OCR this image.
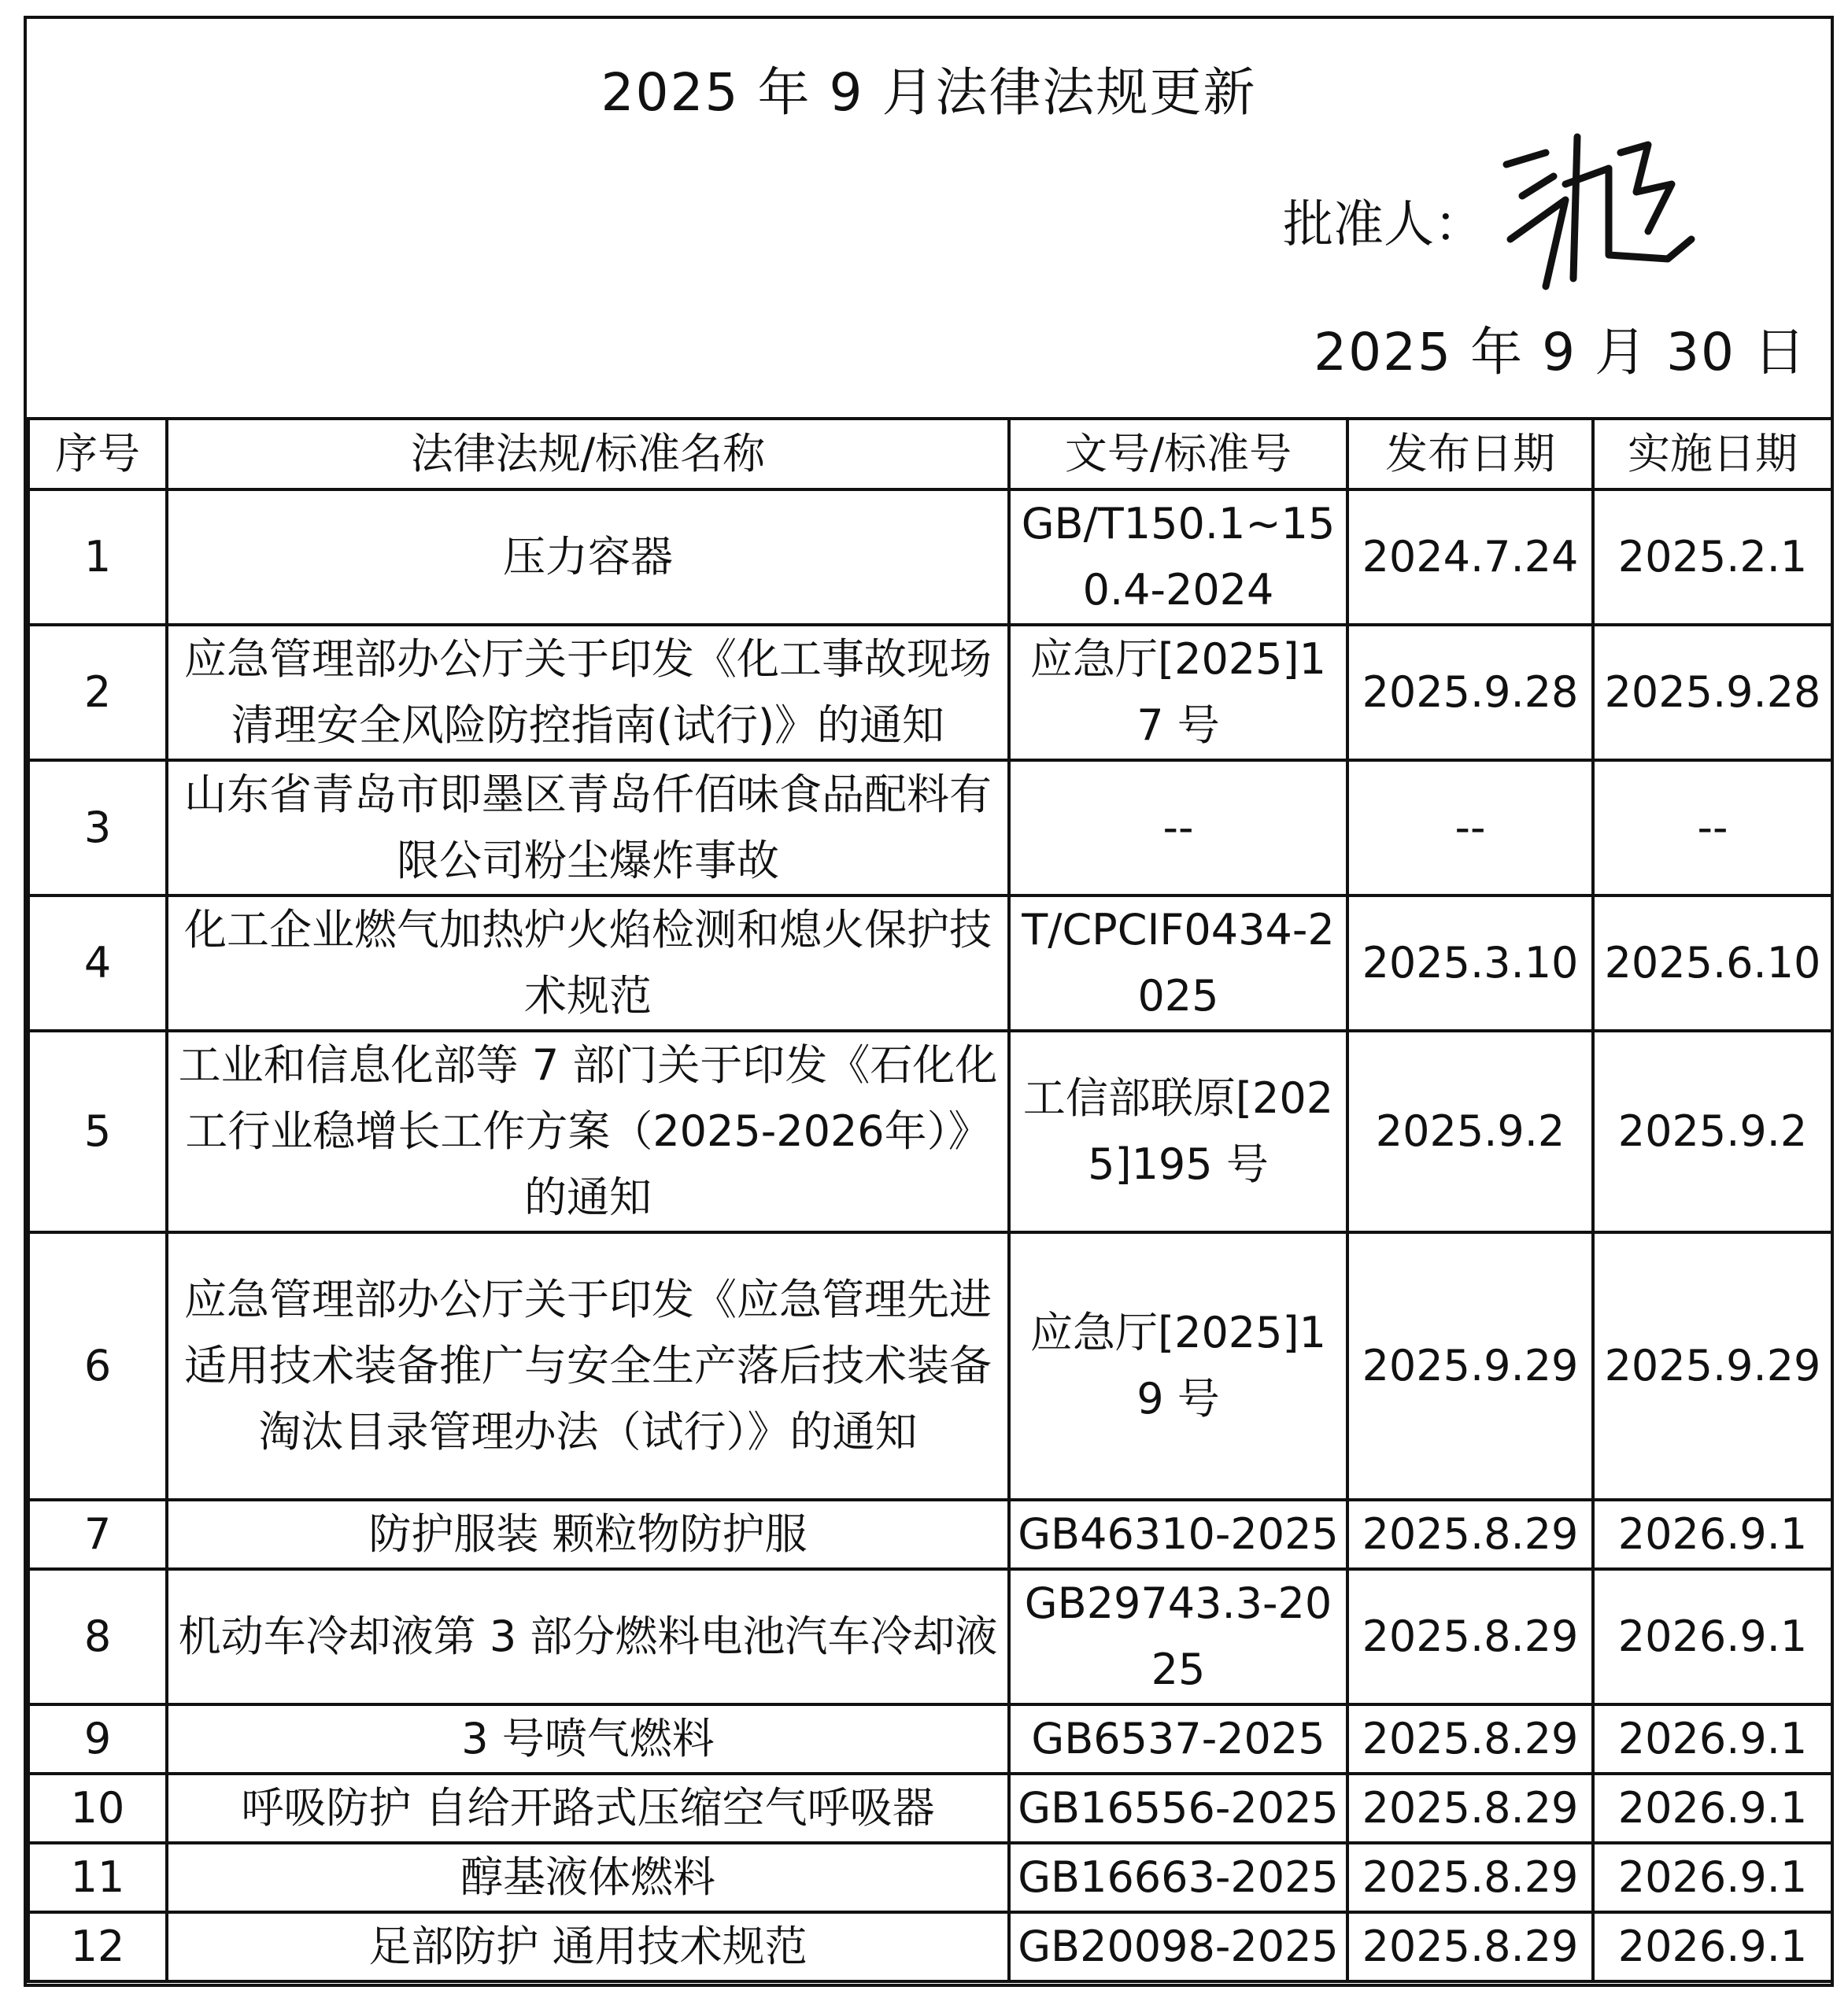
2025 年 9 月法律法规更新
批准人：
2025 年 9 月 30 日
序号	法律法规/标准名称	文号/标准号	发布日期	实施日期
1	压力容器	GB/T150.1~150.4-2024	2024.7.24	2025.2.1
2	应急管理部办公厅关于印发《化工事故现场清理安全风险防控指南(试行)》的通知	应急厅[2025]17 号	2025.9.28	2025.9.28
3	山东省青岛市即墨区青岛仟佰味食品配料有限公司粉尘爆炸事故	--	--	--
4	化工企业燃气加热炉火焰检测和熄火保护技术规范	T/CPCIF0434-2025	2025.3.10	2025.6.10
5	工业和信息化部等 7 部门关于印发《石化化工行业稳增长工作方案（2025-2026年）》的通知	工信部联原[2025]195 号	2025.9.2	2025.9.2
6	应急管理部办公厅关于印发《应急管理先进适用技术装备推广与安全生产落后技术装备淘汰目录管理办法（试行）》的通知	应急厅[2025]19 号	2025.9.29	2025.9.29
7	防护服装 颗粒物防护服	GB46310-2025	2025.8.29	2026.9.1
8	机动车冷却液第 3 部分燃料电池汽车冷却液	GB29743.3-2025	2025.8.29	2026.9.1
9	3 号喷气燃料	GB6537-2025	2025.8.29	2026.9.1
10	呼吸防护 自给开路式压缩空气呼吸器	GB16556-2025	2025.8.29	2026.9.1
11	醇基液体燃料	GB16663-2025	2025.8.29	2026.9.1
12	足部防护 通用技术规范	GB20098-2025	2025.8.29	2026.9.1
